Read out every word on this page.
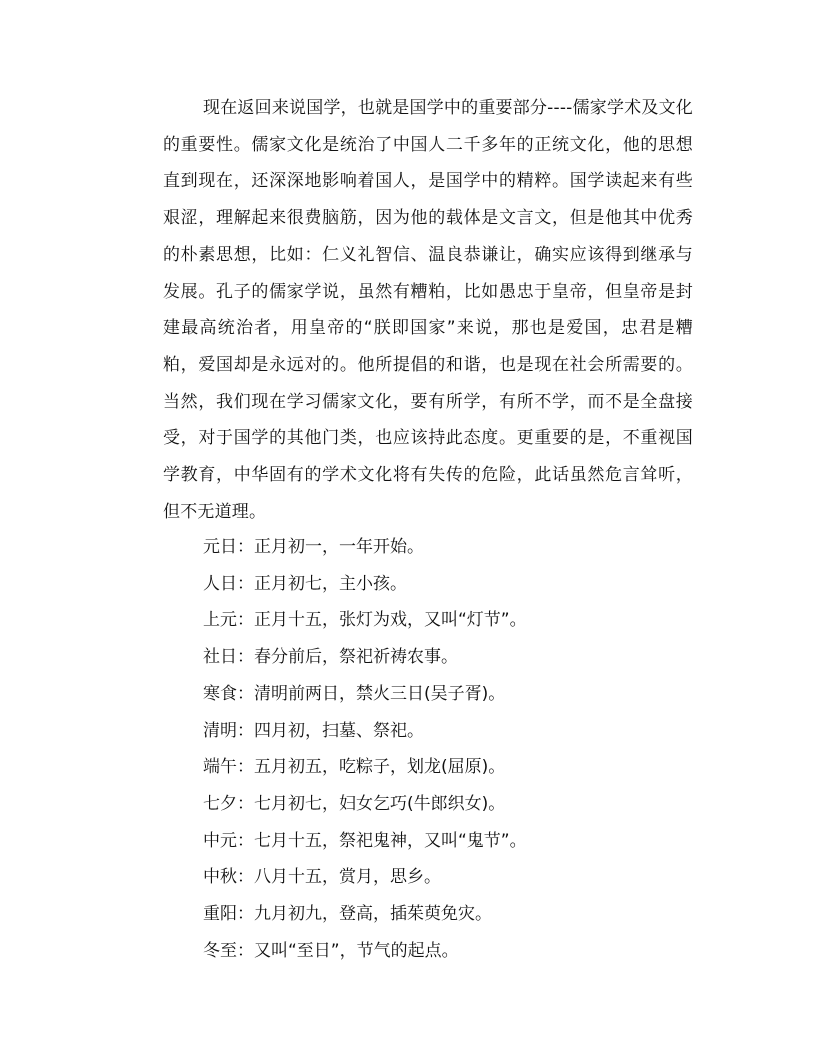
现在返回来说国学，也就是国学中的重要部分----儒家学术及文化的重要性。儒家文化是统治了中国人二千多年的正统文化，他的思想直到现在，还深深地影响着国人，是国学中的精粹。国学读起来有些艰涩，理解起来很费脑筋，因为他的载体是文言文，但是他其中优秀的朴素思想，比如：仁义礼智信、温良恭谦让，确实应该得到继承与发展。孔子的儒家学说，虽然有糟粕，比如愚忠于皇帝，但皇帝是封建最高统治者，用皇帝的“朕即国家”来说，那也是爱国，忠君是糟粕，爱国却是永远对的。他所提倡的和谐，也是现在社会所需要的。当然，我们现在学习儒家文化，要有所学，有所不学，而不是全盘接受，对于国学的其他门类，也应该持此态度。更重要的是，不重视国学教育，中华固有的学术文化将有失传的危险，此话虽然危言耸听，但不无道理。

元日：正月初一，一年开始。
人日：正月初七，主小孩。
上元：正月十五，张灯为戏，又叫“灯节”。
社日：春分前后，祭祀祈祷农事。
寒食：清明前两日，禁火三日(吴子胥)。
清明：四月初，扫墓、祭祀。
端午：五月初五，吃粽子，划龙(屈原)。
七夕：七月初七，妇女乞巧(牛郎织女)。
中元：七月十五，祭祀鬼神，又叫“鬼节”。
中秋：八月十五，赏月，思乡。
重阳：九月初九，登高，插茱萸免灾。
冬至：又叫“至日”，节气的起点。
